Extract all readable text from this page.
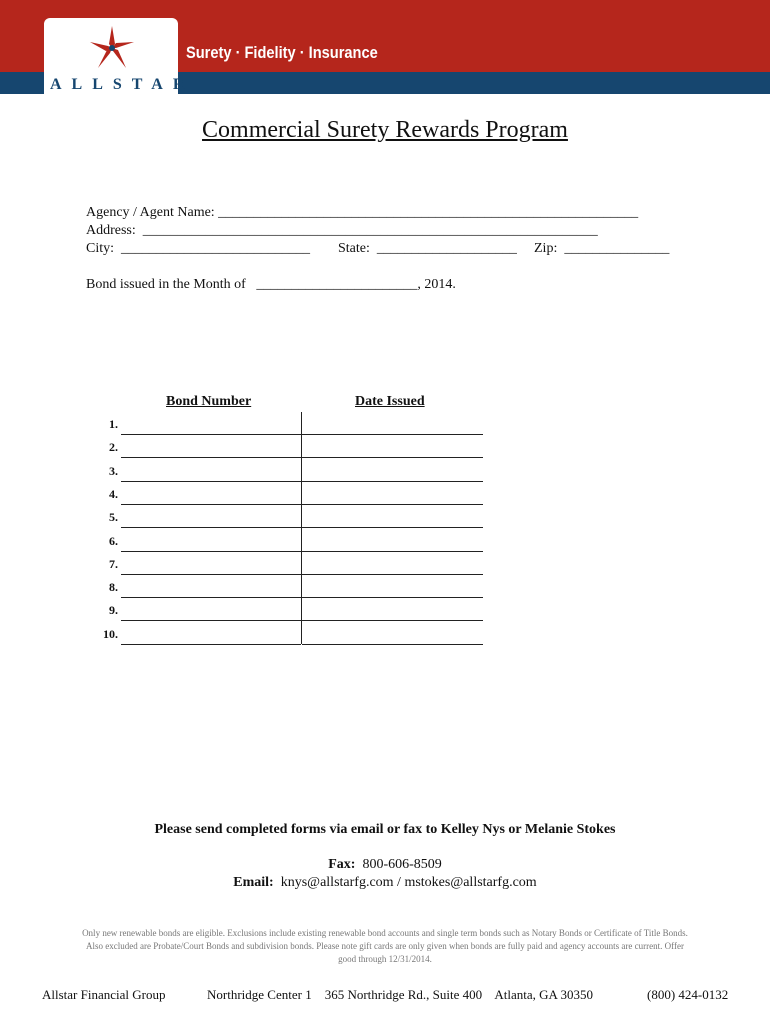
ALLSTAR
Surety · Fidelity · Insurance
Commercial Surety Rewards Program
Agency / Agent Name: ____________________________________________________________
Address:  _________________________________________________________________
City:  ___________________________ State:  ____________________ Zip:  _______________
Bond issued in the Month of   _______________________, 2014.
Bond Number	Date Issued
1.
2.
3.
4.
5.
6.
7.
8.
9.
10.
Please send completed forms via email or fax to Kelley Nys or Melanie Stokes
Fax: 800-606-8509
Email: knys@allstarfg.com / mstokes@allstarfg.com
Only new renewable bonds are eligible. Exclusions include existing renewable bond accounts and single term bonds such as Notary Bonds or Certificate of Title Bonds. Also excluded are Probate/Court Bonds and subdivision bonds. Please note gift cards are only given when bonds are fully paid and agency accounts are current. Offer good through 12/31/2014.
Allstar Financial Group	Northridge Center 1    365 Northridge Rd., Suite 400    Atlanta, GA 30350	(800) 424-0132
